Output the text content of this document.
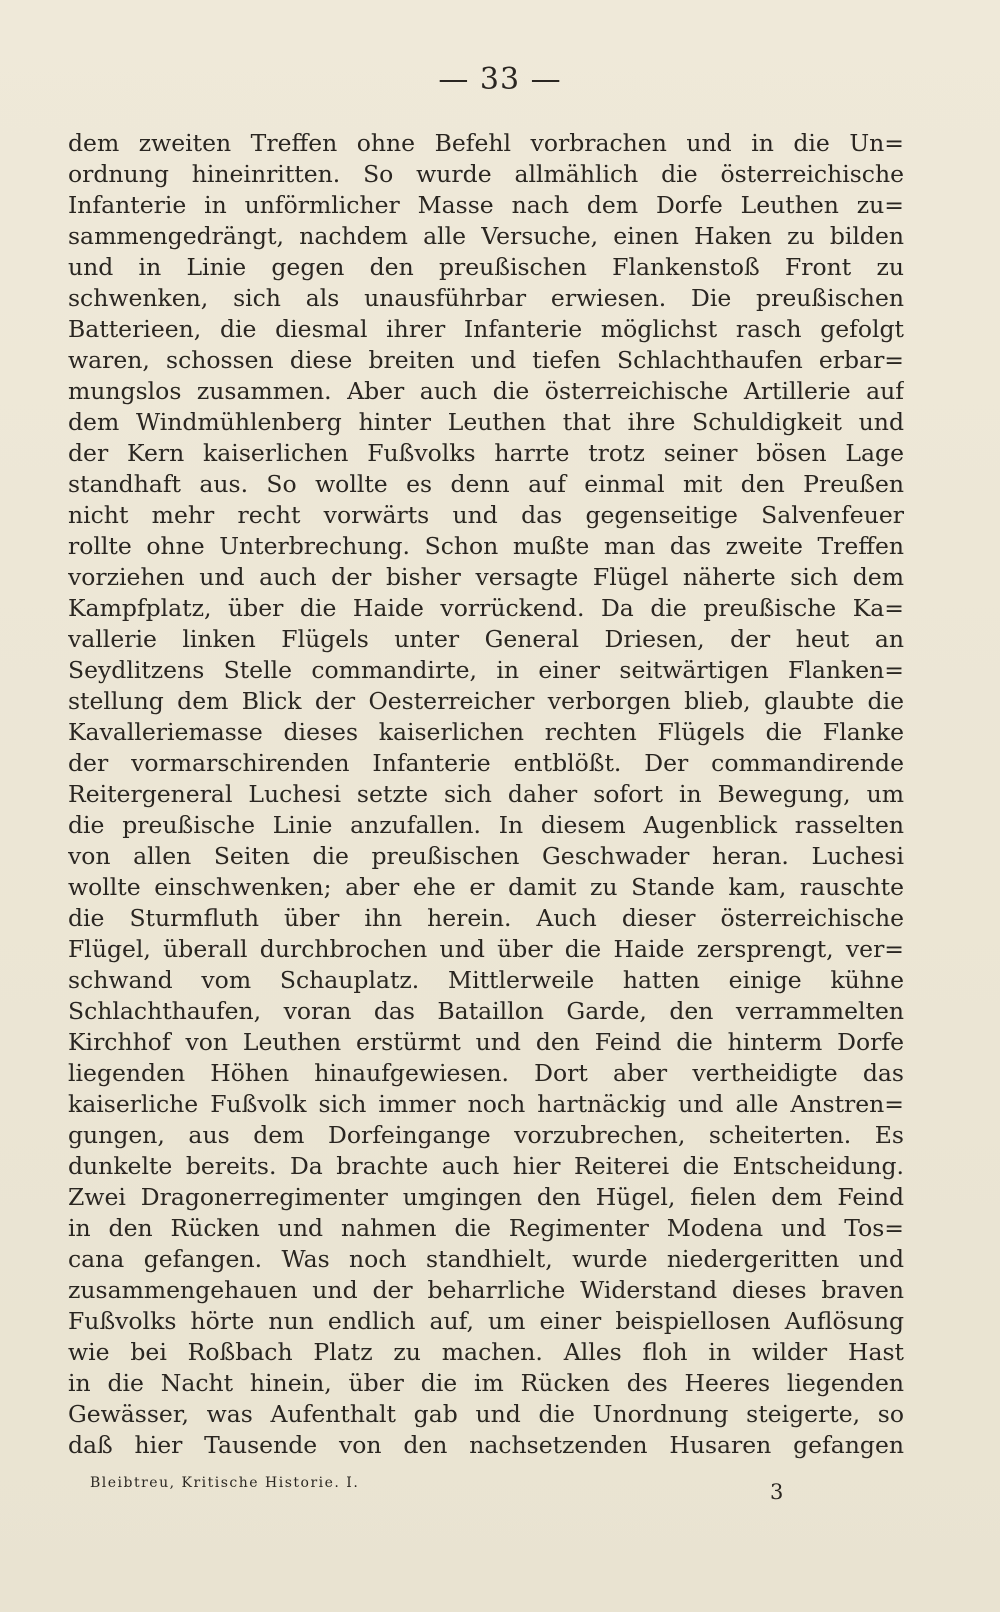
— 33 —
dem zweiten Treffen ohne Befehl vorbrachen und in die Un=
ordnung hineinritten. So wurde allmählich die österreichische
Infanterie in unförmlicher Masse nach dem Dorfe Leuthen zu=
sammengedrängt, nachdem alle Versuche, einen Haken zu bilden
und in Linie gegen den preußischen Flankenstoß Front zu
schwenken, sich als unausführbar erwiesen. Die preußischen
Batterieen, die diesmal ihrer Infanterie möglichst rasch gefolgt
waren, schossen diese breiten und tiefen Schlachthaufen erbar=
mungslos zusammen. Aber auch die österreichische Artillerie auf
dem Windmühlenberg hinter Leuthen that ihre Schuldigkeit und
der Kern kaiserlichen Fußvolks harrte trotz seiner bösen Lage
standhaft aus. So wollte es denn auf einmal mit den Preußen
nicht mehr recht vorwärts und das gegenseitige Salvenfeuer
rollte ohne Unterbrechung. Schon mußte man das zweite Treffen
vorziehen und auch der bisher versagte Flügel näherte sich dem
Kampfplatz, über die Haide vorrückend. Da die preußische Ka=
vallerie linken Flügels unter General Driesen, der heut an
Seydlitzens Stelle commandirte, in einer seitwärtigen Flanken=
stellung dem Blick der Oesterreicher verborgen blieb, glaubte die
Kavalleriemasse dieses kaiserlichen rechten Flügels die Flanke
der vormarschirenden Infanterie entblößt. Der commandirende
Reitergeneral Luchesi setzte sich daher sofort in Bewegung, um
die preußische Linie anzufallen. In diesem Augenblick rasselten
von allen Seiten die preußischen Geschwader heran. Luchesi
wollte einschwenken; aber ehe er damit zu Stande kam, rauschte
die Sturmfluth über ihn herein. Auch dieser österreichische
Flügel, überall durchbrochen und über die Haide zersprengt, ver=
schwand vom Schauplatz. Mittlerweile hatten einige kühne
Schlachthaufen, voran das Bataillon Garde, den verrammelten
Kirchhof von Leuthen erstürmt und den Feind die hinterm Dorfe
liegenden Höhen hinaufgewiesen. Dort aber vertheidigte das
kaiserliche Fußvolk sich immer noch hartnäckig und alle Anstren=
gungen, aus dem Dorfeingange vorzubrechen, scheiterten. Es
dunkelte bereits. Da brachte auch hier Reiterei die Entscheidung.
Zwei Dragonerregimenter umgingen den Hügel, fielen dem Feind
in den Rücken und nahmen die Regimenter Modena und Tos=
cana gefangen. Was noch standhielt, wurde niedergeritten und
zusammengehauen und der beharrliche Widerstand dieses braven
Fußvolks hörte nun endlich auf, um einer beispiellosen Auflösung
wie bei Roßbach Platz zu machen. Alles floh in wilder Hast
in die Nacht hinein, über die im Rücken des Heeres liegenden
Gewässer, was Aufenthalt gab und die Unordnung steigerte, so
daß hier Tausende von den nachsetzenden Husaren gefangen
Bleibtreu, Kritische Historie. I.	3
